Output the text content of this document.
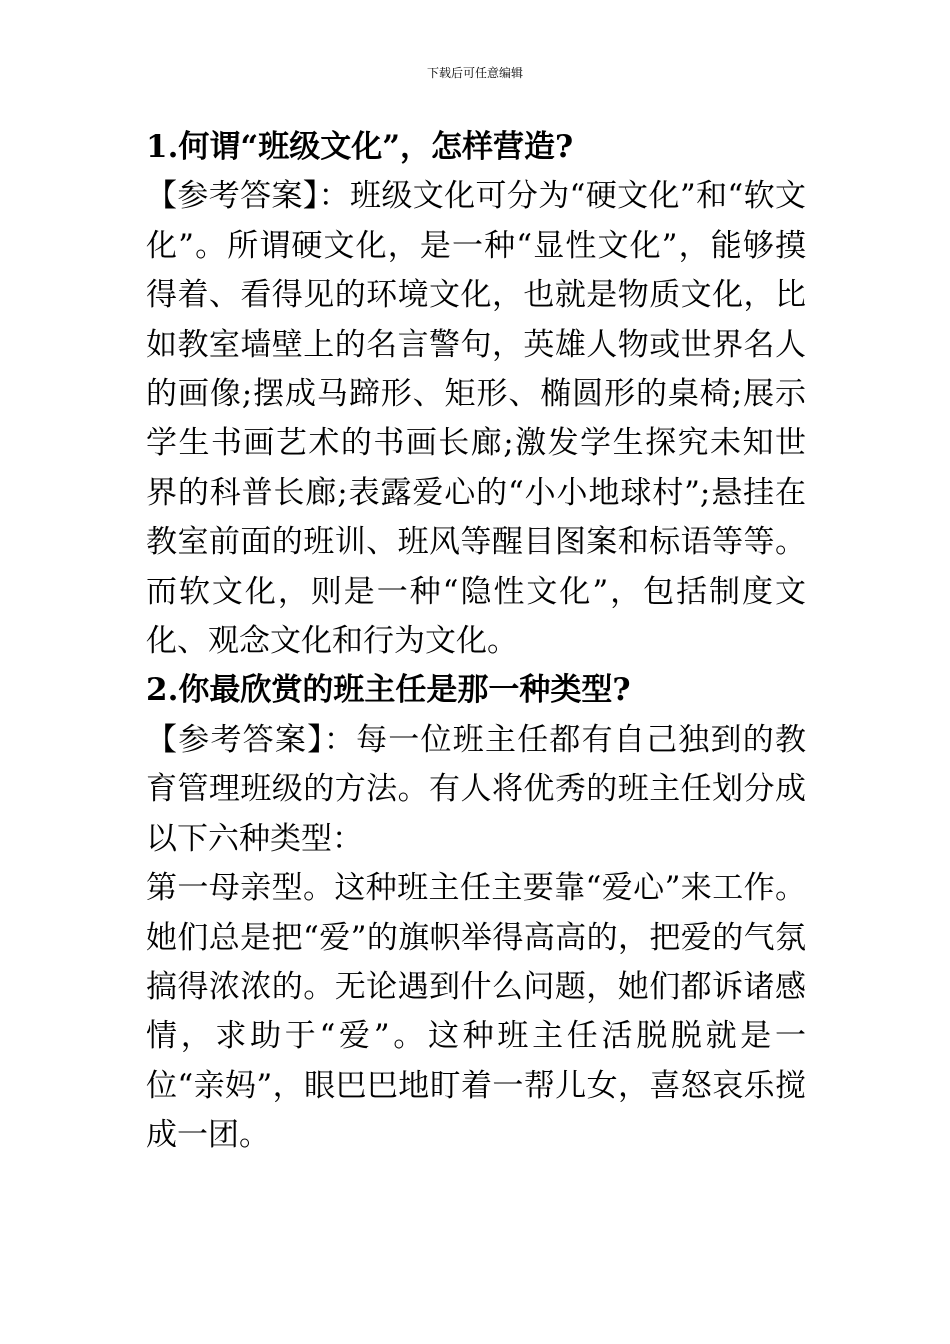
下载后可任意编辑

1.何谓“班级文化”，怎样营造?

【参考答案】：班级文化可分为“硬文化”和“软文化”。所谓硬文化，是一种“显性文化”，能够摸得着、看得见的环境文化，也就是物质文化，比如教室墙壁上的名言警句，英雄人物或世界名人的画像;摆成马蹄形、矩形、椭圆形的桌椅;展示学生书画艺术的书画长廊;激发学生探究未知世界的科普长廊;表露爱心的“小小地球村”;悬挂在教室前面的班训、班风等醒目图案和标语等等。而软文化，则是一种“隐性文化”，包括制度文化、观念文化和行为文化。

2.你最欣赏的班主任是那一种类型?

【参考答案】：每一位班主任都有自己独到的教育管理班级的方法。有人将优秀的班主任划分成以下六种类型：

第一母亲型。这种班主任主要靠“爱心”来工作。她们总是把“爱”的旗帜举得高高的，把爱的气氛搞得浓浓的。无论遇到什么问题，她们都诉诸感情，求助于“爱”。这种班主任活脱脱就是一位“亲妈”，眼巴巴地盯着一帮儿女，喜怒哀乐搅成一团。
